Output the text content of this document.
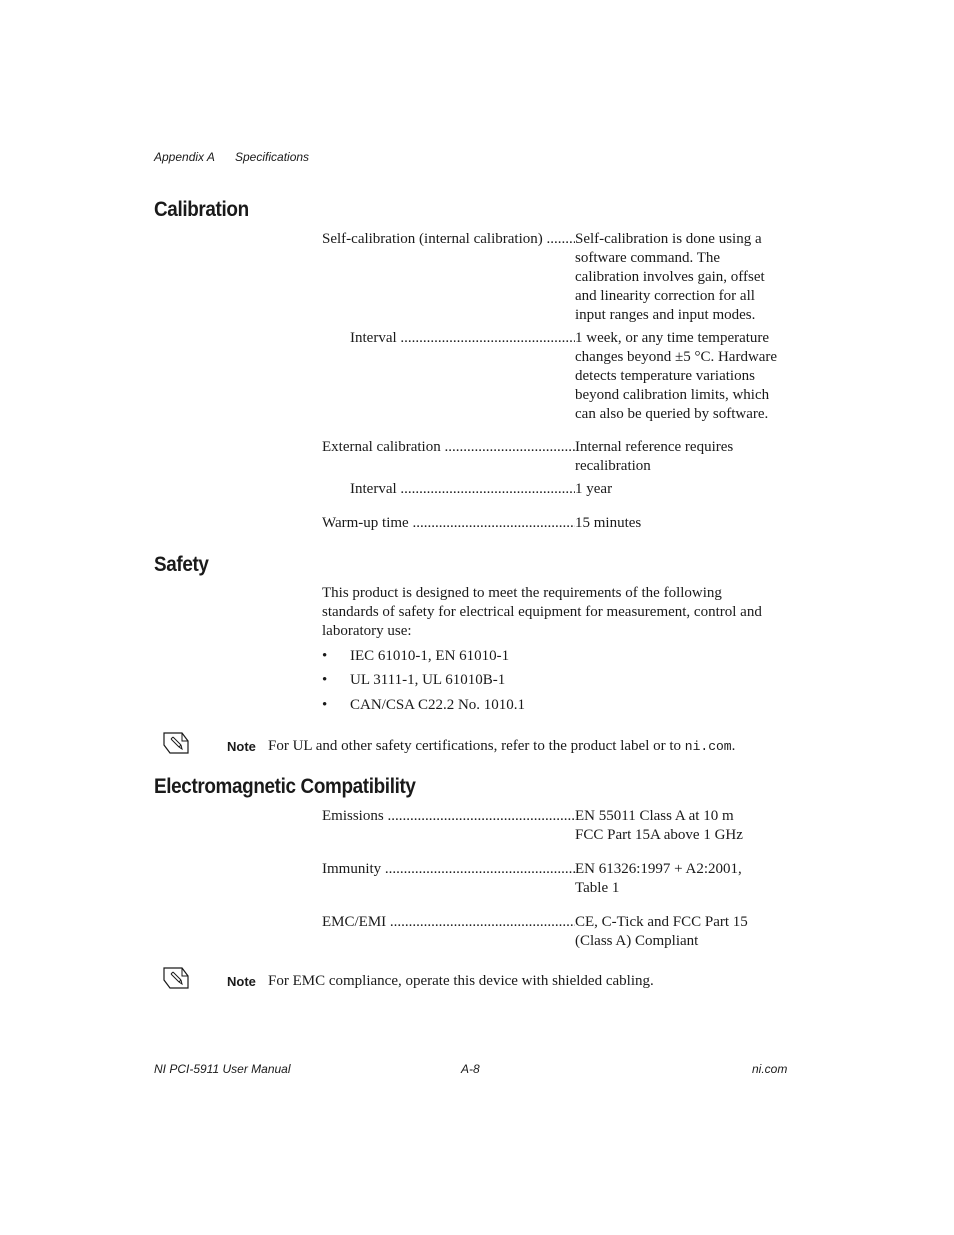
Appendix A Specifications
Calibration
Self-calibration (internal calibration) .....	Self-calibration is done using a
software command. The
calibration involves gain, offset
and linearity correction for all
input ranges and input modes.
Interval .....	1 week, or any time temperature
changes beyond ±5 °C. Hardware
detects temperature variations
beyond calibration limits, which
can also be queried by software.
External calibration .....	Internal reference requires
recalibration
Interval .....	1 year
Warm-up time .....	15 minutes
Safety
This product is designed to meet the requirements of the following
standards of safety for electrical equipment for measurement, control and
laboratory use:
• IEC 61010-1, EN 61010-1
• UL 3111-1, UL 61010B-1
• CAN/CSA C22.2 No. 1010.1
Note For UL and other safety certifications, refer to the product label or to ni.com.
Electromagnetic Compatibility
Emissions .....	EN 55011 Class A at 10 m
FCC Part 15A above 1 GHz
Immunity .....	EN 61326:1997 + A2:2001,
Table 1
EMC/EMI .....	CE, C-Tick and FCC Part 15
(Class A) Compliant
Note For EMC compliance, operate this device with shielded cabling.
NI PCI-5911 User Manual	A-8	ni.com
